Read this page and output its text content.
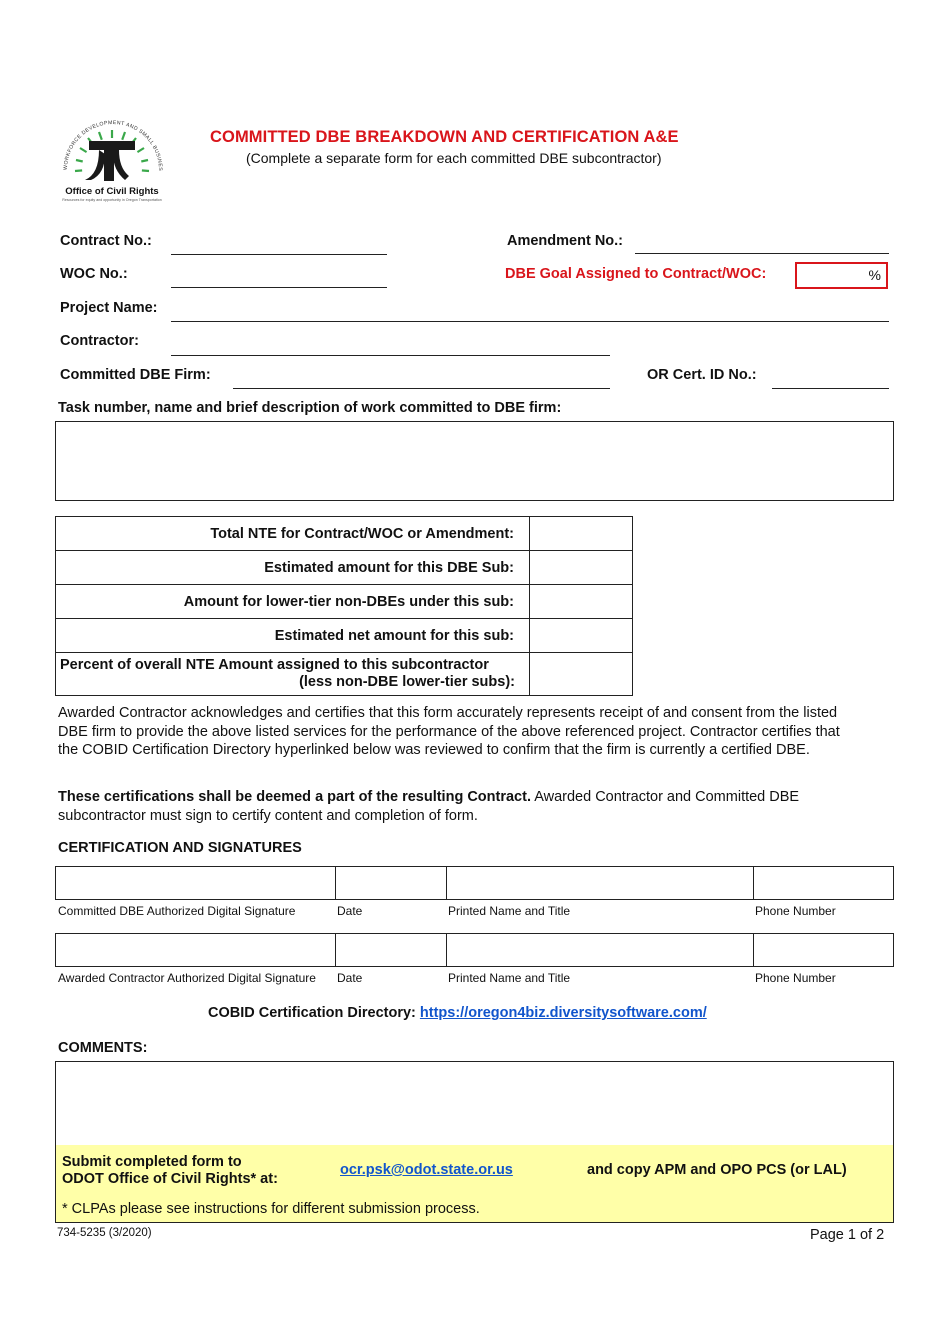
WORKFORCE DEVELOPMENT AND SMALL BUSINES
Office of Civil Rights
Resources for equity and opportunity in Oregon Transportation
COMMITTED DBE BREAKDOWN AND CERTIFICATION A&E
(Complete a separate form for each committed DBE subcontractor)
Contract No.:	Amendment No.:
WOC No.:	DBE Goal Assigned to Contract/WOC:	%
Project Name:
Contractor:
Committed DBE Firm:	OR Cert. ID No.:
Task number, name and brief description of work committed to DBE firm:
Total NTE for Contract/WOC or Amendment:	
Estimated amount for this DBE Sub:	
Amount for lower-tier non-DBEs under this sub:	
Estimated net amount for this sub:	

Percent of overall NTE Amount assigned to this subcontractor
(less non-DBE lower-tier subs):	

Awarded Contractor acknowledges and certifies that this form accurately represents receipt of and consent from the listed DBE firm to provide the above listed services for the performance of the above referenced project. Contractor certifies that the COBID Certification Directory hyperlinked below was reviewed to confirm that the firm is currently a certified DBE.
These certifications shall be deemed a part of the resulting Contract. Awarded Contractor and Committed DBE subcontractor must sign to certify content and completion of form.
CERTIFICATION AND SIGNATURES
Committed DBE Authorized Digital Signature	Date	Printed Name and Title	Phone Number
Awarded Contractor Authorized Digital Signature Date	Printed Name and Title	Phone Number
COBID Certification Directory: https://oregon4biz.diversitysoftware.com/
COMMENTS:
Submit completed form to
ODOT Office of Civil Rights* at:
ocr.psk@odot.state.or.us	and copy APM and OPO PCS (or LAL)
* CLPAs please see instructions for different submission process.
734-5235 (3/2020)	Page 1 of 2
